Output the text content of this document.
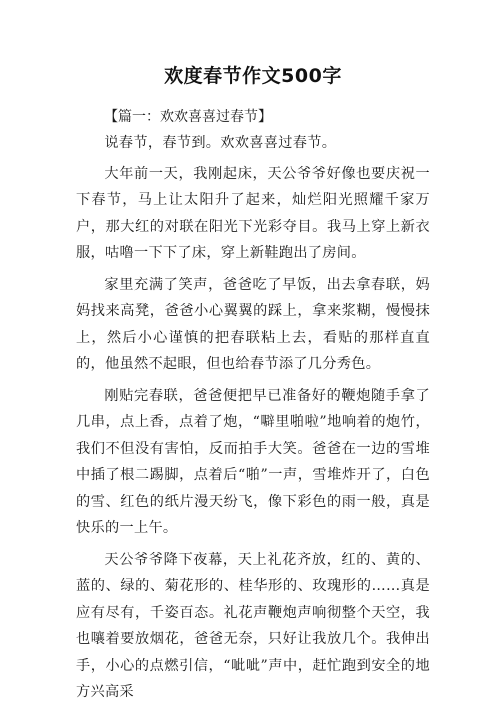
欢度春节作文500字

【篇一：欢欢喜喜过春节】

说春节，春节到。欢欢喜喜过春节。

大年前一天，我刚起床，天公爷爷好像也要庆祝一下春节，马上让太阳升了起来，灿烂阳光照耀千家万户，那大红的对联在阳光下光彩夺目。我马上穿上新衣服，咕噜一下下了床，穿上新鞋跑出了房间。

家里充满了笑声，爸爸吃了早饭，出去拿春联，妈妈找来高凳，爸爸小心翼翼的踩上，拿来浆糊，慢慢抹上，然后小心谨慎的把春联粘上去，看贴的那样直直的，他虽然不起眼，但也给春节添了几分秀色。

刚贴完春联，爸爸便把早已准备好的鞭炮随手拿了几串，点上香，点着了炮，“噼里啪啦”地响着的炮竹，我们不但没有害怕，反而拍手大笑。爸爸在一边的雪堆中插了根二踢脚，点着后“啪”一声，雪堆炸开了，白色的雪、红色的纸片漫天纷飞，像下彩色的雨一般，真是快乐的一上午。

天公爷爷降下夜幕，天上礼花齐放，红的、黄的、蓝的、绿的、菊花形的、桂华形的、玫瑰形的……真是应有尽有，千姿百态。礼花声鞭炮声响彻整个天空，我也嚷着要放烟花，爸爸无奈，只好让我放几个。我伸出手，小心的点燃引信，“呲呲”声中，赶忙跑到安全的地方兴高采
